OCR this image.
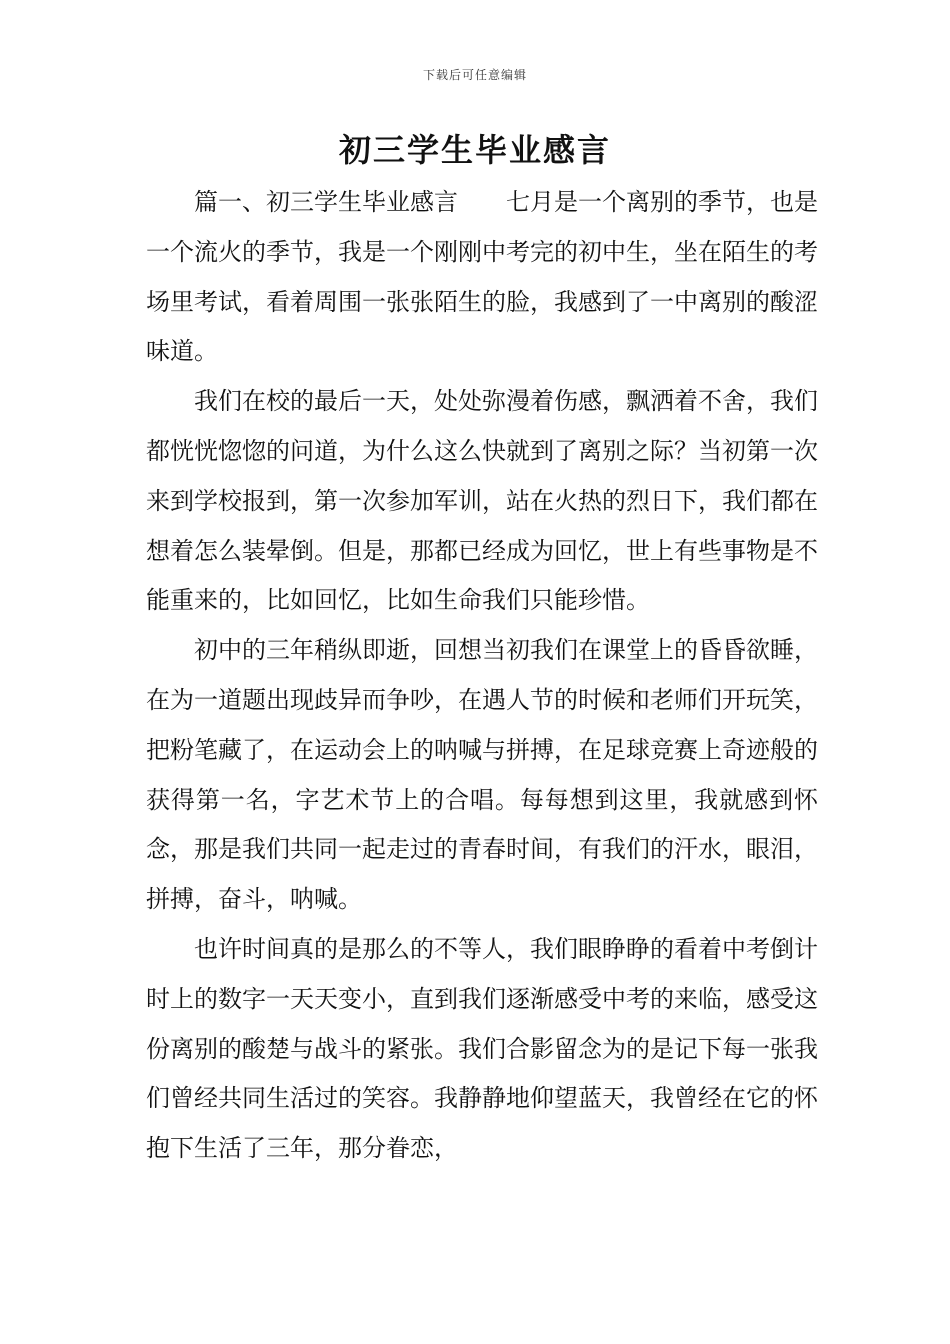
下载后可任意编辑
初三学生毕业感言

篇一、初三学生毕业感言　　七月是一个离别的季节，也是一个流火的季节，我是一个刚刚中考完的初中生，坐在陌生的考场里考试，看着周围一张张陌生的脸，我感到了一中离别的酸涩味道。

我们在校的最后一天，处处弥漫着伤感，飘洒着不舍，我们都恍恍惚惚的问道，为什么这么快就到了离别之际？当初第一次来到学校报到，第一次参加军训，站在火热的烈日下，我们都在想着怎么装晕倒。但是，那都已经成为回忆，世上有些事物是不能重来的，比如回忆，比如生命我们只能珍惜。

初中的三年稍纵即逝，回想当初我们在课堂上的昏昏欲睡，在为一道题出现歧异而争吵，在遇人节的时候和老师们开玩笑，把粉笔藏了，在运动会上的呐喊与拼搏，在足球竞赛上奇迹般的获得第一名，字艺术节上的合唱。每每想到这里，我就感到怀念，那是我们共同一起走过的青春时间，有我们的汗水，眼泪，拼搏，奋斗，呐喊。

也许时间真的是那么的不等人，我们眼睁睁的看着中考倒计时上的数字一天天变小，直到我们逐渐感受中考的来临，感受这份离别的酸楚与战斗的紧张。我们合影留念为的是记下每一张我们曾经共同生活过的笑容。我静静地仰望蓝天，我曾经在它的怀抱下生活了三年，那分眷恋，
